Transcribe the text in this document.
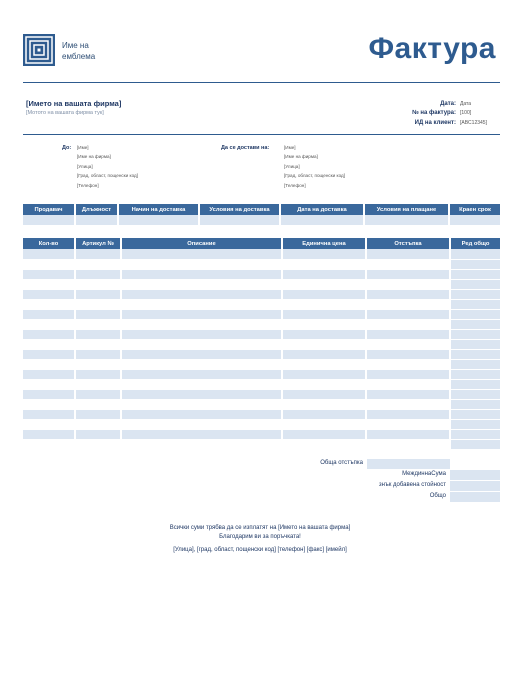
Име на
емблема	Фактура
[Името на вашата фирма]
[Мотото на вашата фирма тук]
Дата: Дата
№ на фактура: [100]
ИД на клиент: [ABC12345]
До: [Име]
[Име на фирма]
[Улица]
[Град, област, пощенски код]
[Телефон]
Да се достави на:	[Име]
[Име на фирма]
[Улица]
[Град, област, пощенски код]
[Телефон]
Продавач	Длъжност	Начин на доставка	Условия на доставка	Дата на доставка	Условия на плащане	Краен срок

Кол-во	Артикул №	Описание	Единична цена	Отстъпка	Ред общо

Обща отстъпка
МеждиннаСума
знък добавена стойност
Общо
Всички суми трябва да се изплатят на [Името на вашата фирма]
Благодарим ви за поръчката!
[Улица], [град, област, пощенски код] [телефон] [факс] [имейл]
